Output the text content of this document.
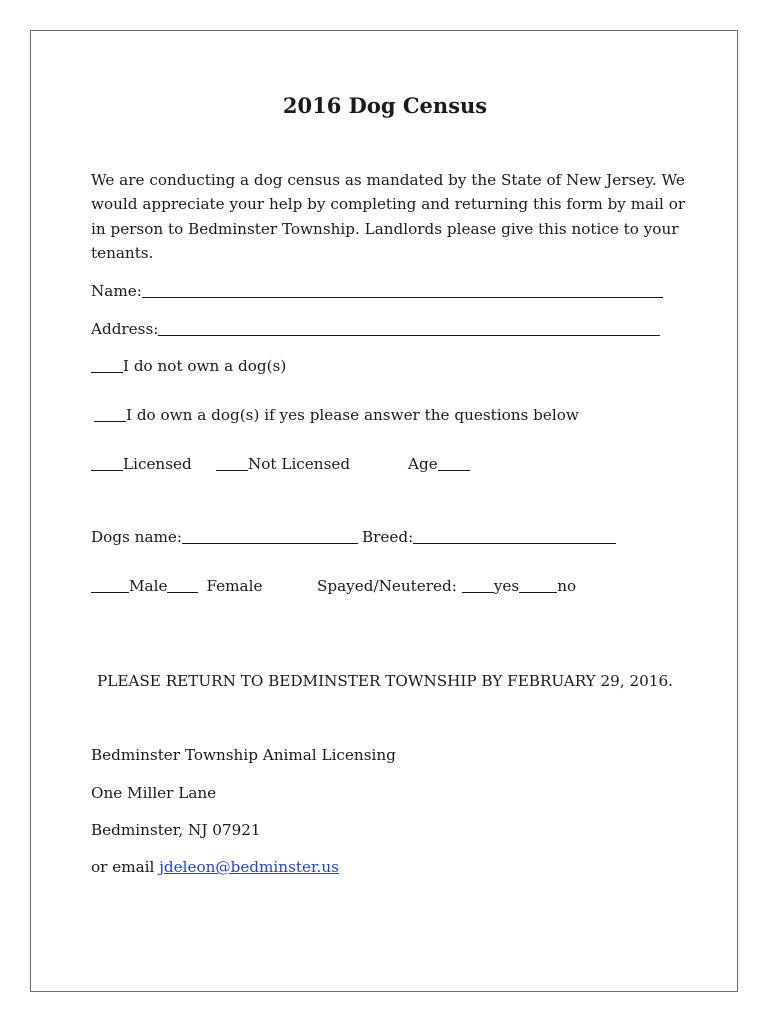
2016 Dog Census
We are conducting a dog census as mandated by the State of New Jersey. We would appreciate your help by completing and returning this form by mail or in person to Bedminster Township. Landlords please give this notice to your tenants.
Name:
Address:
I do not own a dog(s)
I do own a dog(s) if yes please answer the questions below
Licensed	Not Licensed	Age
Dogs name:	Breed:
Male	Female	Spayed/Neutered: yes	no
PLEASE RETURN TO BEDMINSTER TOWNSHIP BY FEBRUARY 29, 2016.
Bedminster Township Animal Licensing
One Miller Lane
Bedminster, NJ 07921
or email jdeleon@bedminster.us
